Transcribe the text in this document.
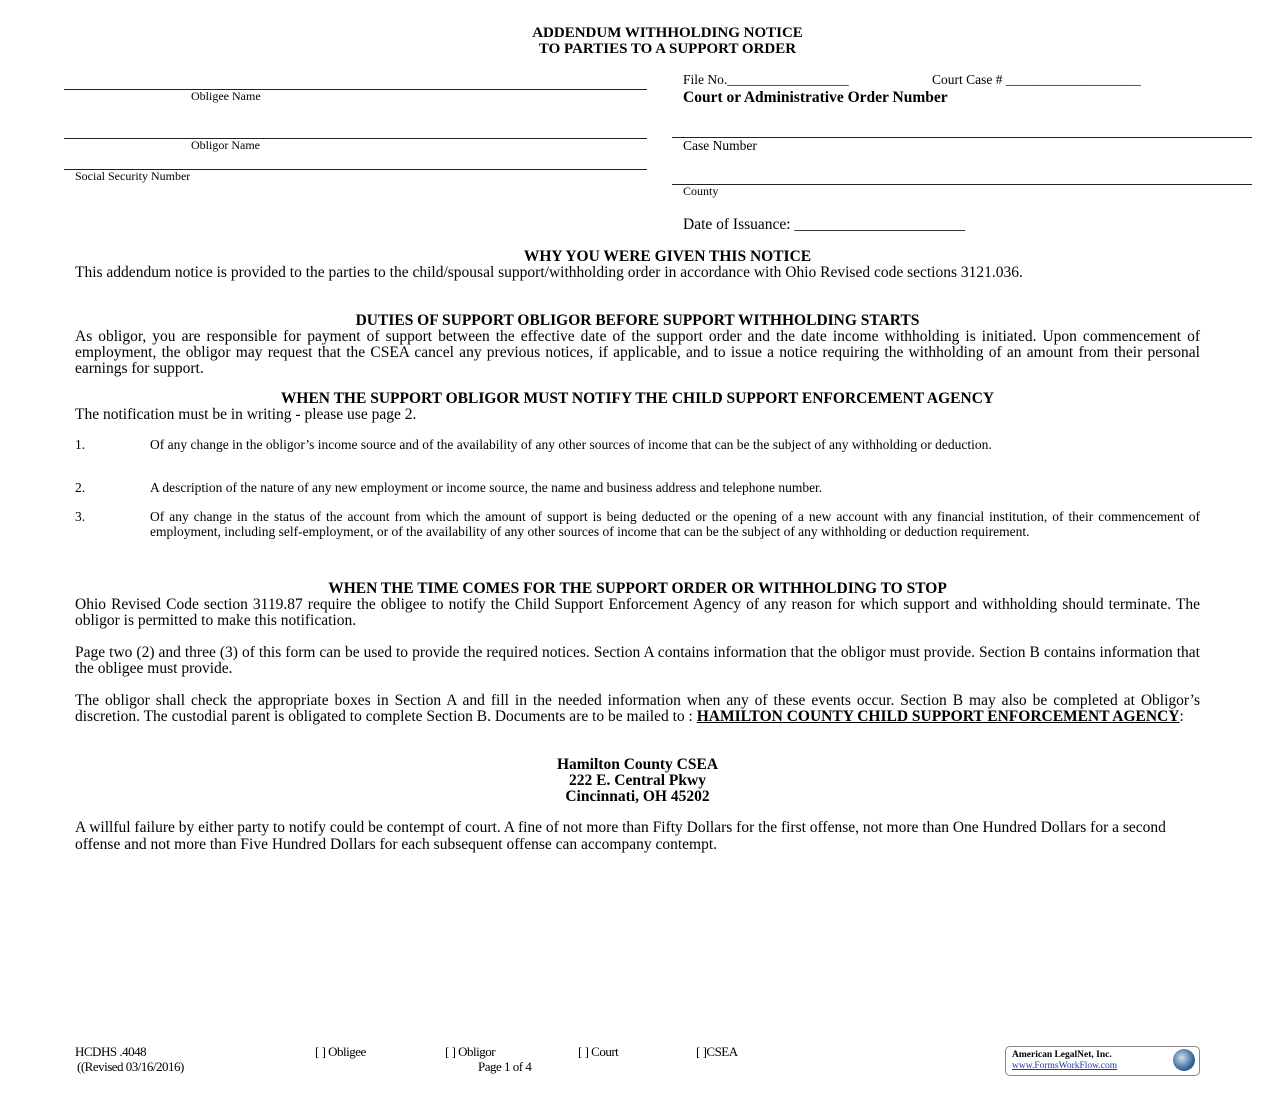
ADDENDUM WITHHOLDING NOTICE
TO PARTIES TO A SUPPORT ORDER
Obligee Name
Obligor Name
Social Security Number
File No.__________________	Court Case # ____________________
Court or Administrative Order Number
Case Number
County
Date of Issuance: ______________________
WHY YOU WERE GIVEN THIS NOTICE
This addendum notice is provided to the parties to the child/spousal support/withholding order in accordance with Ohio Revised code sections 3121.036.
DUTIES OF SUPPORT OBLIGOR BEFORE SUPPORT WITHHOLDING STARTS
As obligor, you are responsible for payment of support between the effective date of the support order and the date income withholding is initiated. Upon commencement of employment, the obligor may request that the CSEA cancel any previous notices, if applicable, and to issue a notice requiring the withholding of an amount from their personal earnings for support.
WHEN THE SUPPORT OBLIGOR MUST NOTIFY THE CHILD SUPPORT ENFORCEMENT AGENCY
The notification must be in writing - please use page 2.
1.	Of any change in the obligor’s income source and of the availability of any other sources of income that can be the subject of any withholding or deduction.
2.	A description of the nature of any new employment or income source, the name and business address and telephone number.
3.	Of any change in the status of the account from which the amount of support is being deducted or the opening of a new account with any financial institution, of their commencement of employment, including self-employment, or of the availability of any other sources of income that can be the subject of any withholding or deduction requirement.
WHEN THE TIME COMES FOR THE SUPPORT ORDER OR WITHHOLDING TO STOP
Ohio Revised Code section 3119.87 require the obligee to notify the Child Support Enforcement Agency of any reason for which support and withholding should terminate. The obligor is permitted to make this notification.
Page two (2) and three (3) of this form can be used to provide the required notices. Section A contains information that the obligor must provide. Section B contains information that the obligee must provide.
The obligor shall check the appropriate boxes in Section A and fill in the needed information when any of these events occur. Section B may also be completed at Obligor’s discretion. The custodial parent is obligated to complete Section B. Documents are to be mailed to : HAMILTON COUNTY CHILD SUPPORT ENFORCEMENT AGENCY:
Hamilton County CSEA
222 E. Central Pkwy
Cincinnati, OH 45202
A willful failure by either party to notify could be contempt of court. A fine of not more than Fifty Dollars for the first offense, not more than One Hundred Dollars for a second offense and not more than Five Hundred Dollars for each subsequent offense can accompany contempt.
HCDHS .4048
((Revised 03/16/2016)
[ ] Obligee	[ ] Obligor	[ ] Court	[ ]CSEA
Page 1 of 4
American LegalNet, Inc.
www.FormsWorkFlow.com
